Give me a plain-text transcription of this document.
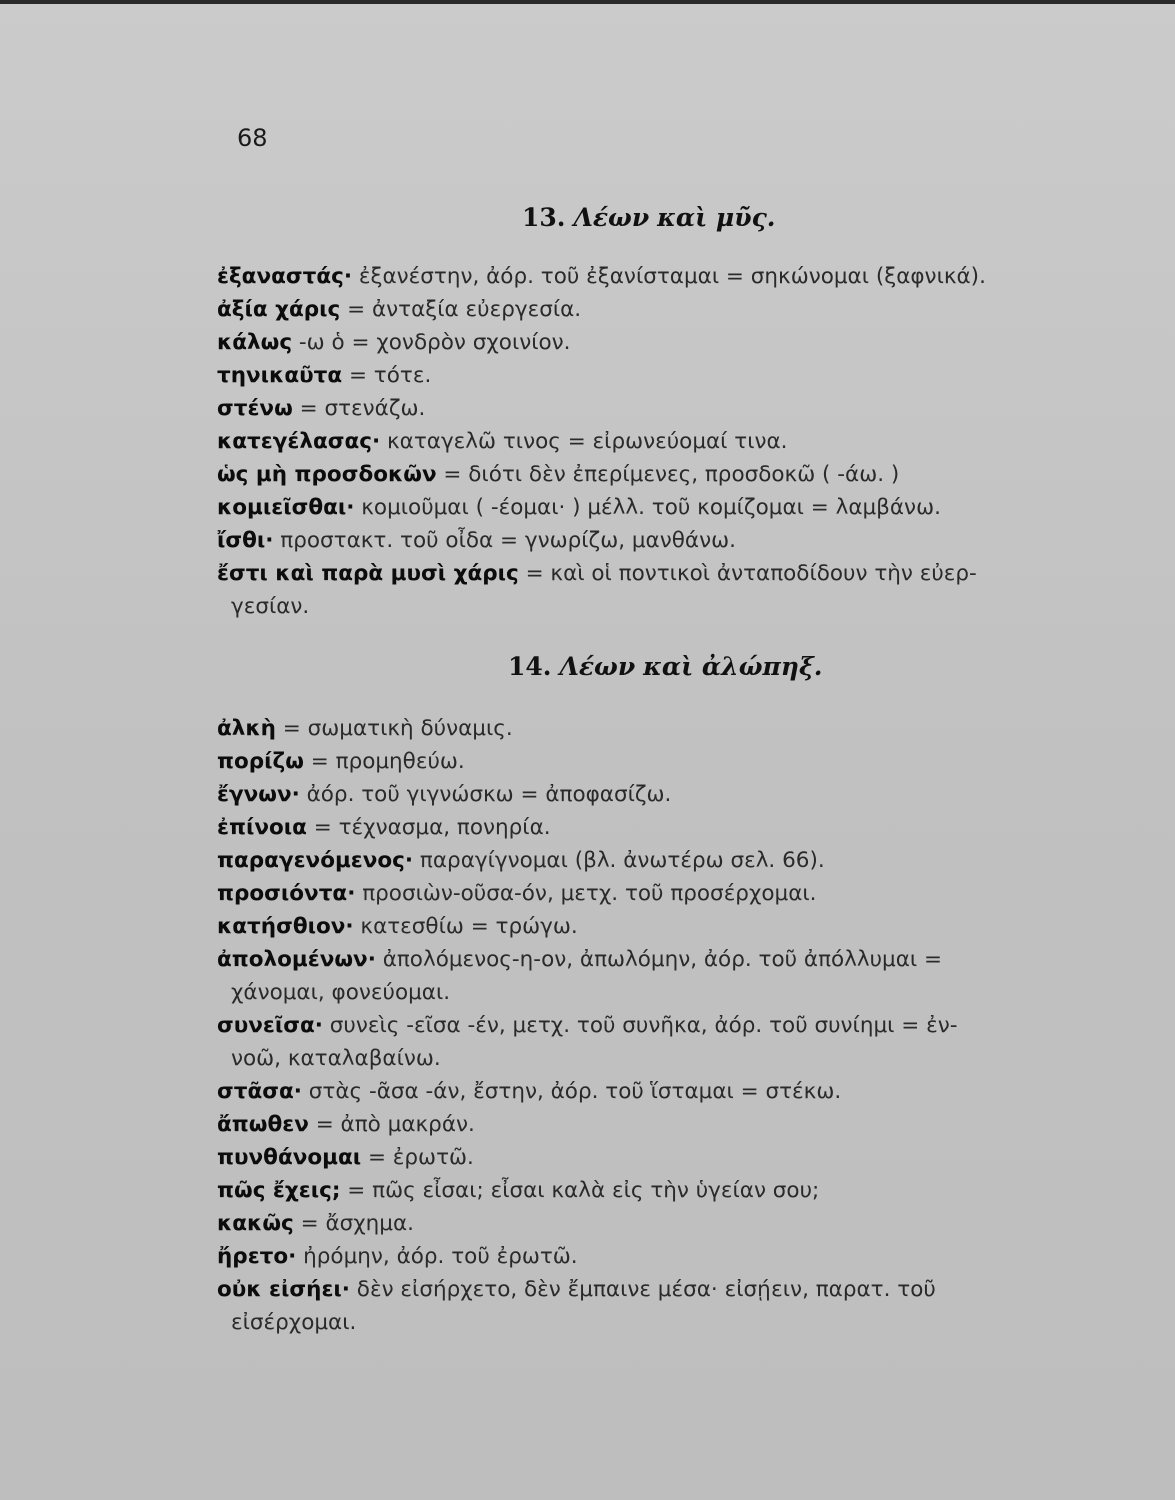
68
13. Λέων καὶ μῦς.
ἐξαναστάς· ἐξανέστην, ἀόρ. τοῦ ἐξανίσταμαι = σηκώνομαι (ξαφνικά).
ἀξία χάρις = ἀνταξία εὐεργεσία.
κάλως -ω ὁ = χονδρὸν σχοινίον.
τηνικαῦτα = τότε.
στένω = στενάζω.
κατεγέλασας· καταγελῶ τινος = εἰρωνεύομαί τινα.
ὡς μὴ προσδοκῶν = διότι δὲν ἐπερίμενες, προσδοκῶ ( -άω. )
κομιεῖσθαι· κομιοῦμαι ( -έομαι· ) μέλλ. τοῦ κομίζομαι = λαμβάνω.
ἴσθι· προστακτ. τοῦ οἶδα = γνωρίζω, μανθάνω.
ἔστι καὶ παρὰ μυσὶ χάρις = καὶ οἱ ποντικοὶ ἀνταποδίδουν τὴν εὐερ-
γεσίαν.
14. Λέων καὶ ἀλώπηξ.
ἀλκὴ = σωματικὴ δύναμις.
πορίζω = προμηθεύω.
ἔγνων· ἀόρ. τοῦ γιγνώσκω = ἀποφασίζω.
ἐπίνοια = τέχνασμα, πονηρία.
παραγενόμενος· παραγίγνομαι (βλ. ἀνωτέρω σελ. 66).
προσιόντα· προσιὼν-οῦσα-όν, μετχ. τοῦ προσέρχομαι.
κατήσθιον· κατεσθίω = τρώγω.
ἀπολομένων· ἀπολόμενος-η-ον, ἀπωλόμην, ἀόρ. τοῦ ἀπόλλυμαι =
χάνομαι, φονεύομαι.
συνεῖσα· συνεὶς -εῖσα -έν, μετχ. τοῦ συνῆκα, ἀόρ. τοῦ συνίημι = ἐν-
νοῶ, καταλαβαίνω.
στᾶσα· στὰς -ᾶσα -άν, ἔστην, ἀόρ. τοῦ ἵσταμαι = στέκω.
ἄπωθεν = ἀπὸ μακράν.
πυνθάνομαι = ἐρωτῶ.
πῶς ἔχεις; = πῶς εἶσαι; εἶσαι καλὰ εἰς τὴν ὑγείαν σου;
κακῶς = ἄσχημα.
ἤρετο· ἠρόμην, ἀόρ. τοῦ ἐρωτῶ.
οὐκ εἰσήει· δὲν εἰσήρχετο, δὲν ἔμπαινε μέσα· εἰσῄειν, παρατ. τοῦ
εἰσέρχομαι.
